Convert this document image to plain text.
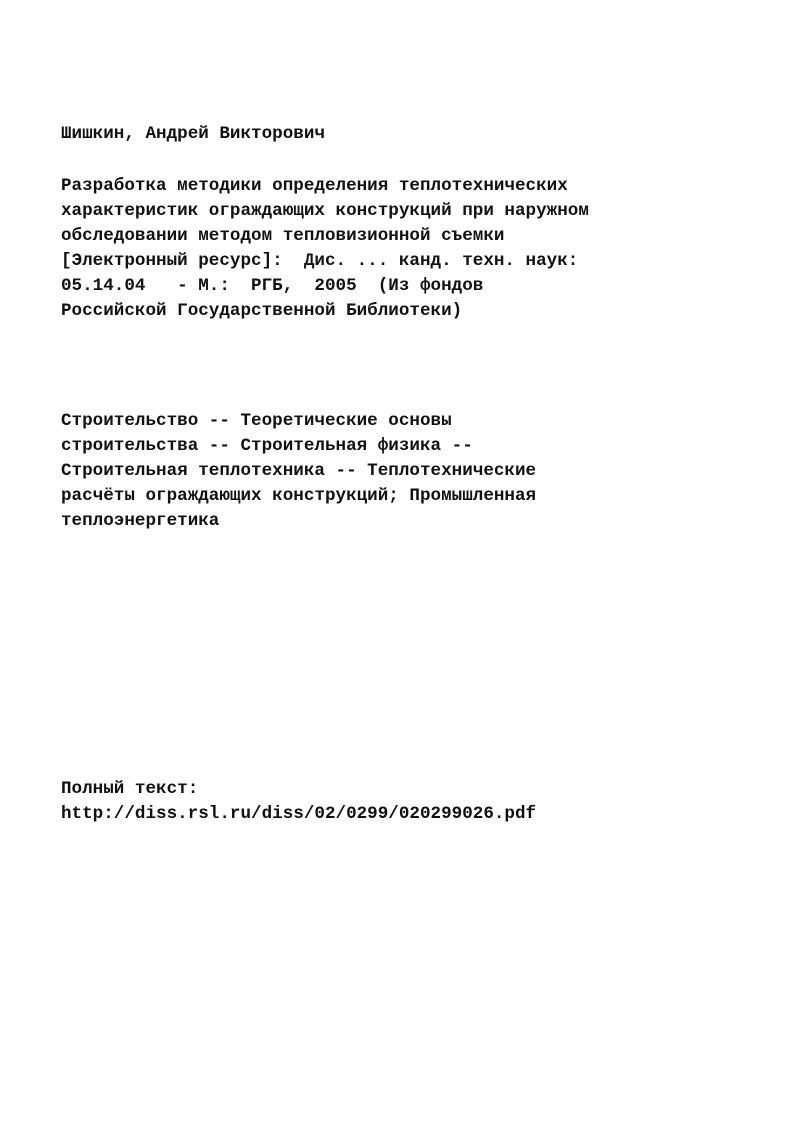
Шишкин, Андрей Викторович
Разработка методики определения теплотехнических
характеристик ограждающих конструкций при наружном
обследовании методом тепловизионной съемки
[Электронный ресурс]:  Дис. ... канд. техн. наук:
05.14.04   - М.:  РГБ,  2005  (Из фондов
Российской Государственной Библиотеки)
Строительство -- Теоретические основы
строительства -- Строительная физика --
Строительная теплотехника -- Теплотехнические
расчёты ограждающих конструкций; Промышленная
теплоэнергетика
Полный текст:
http://diss.rsl.ru/diss/02/0299/020299026.pdf
